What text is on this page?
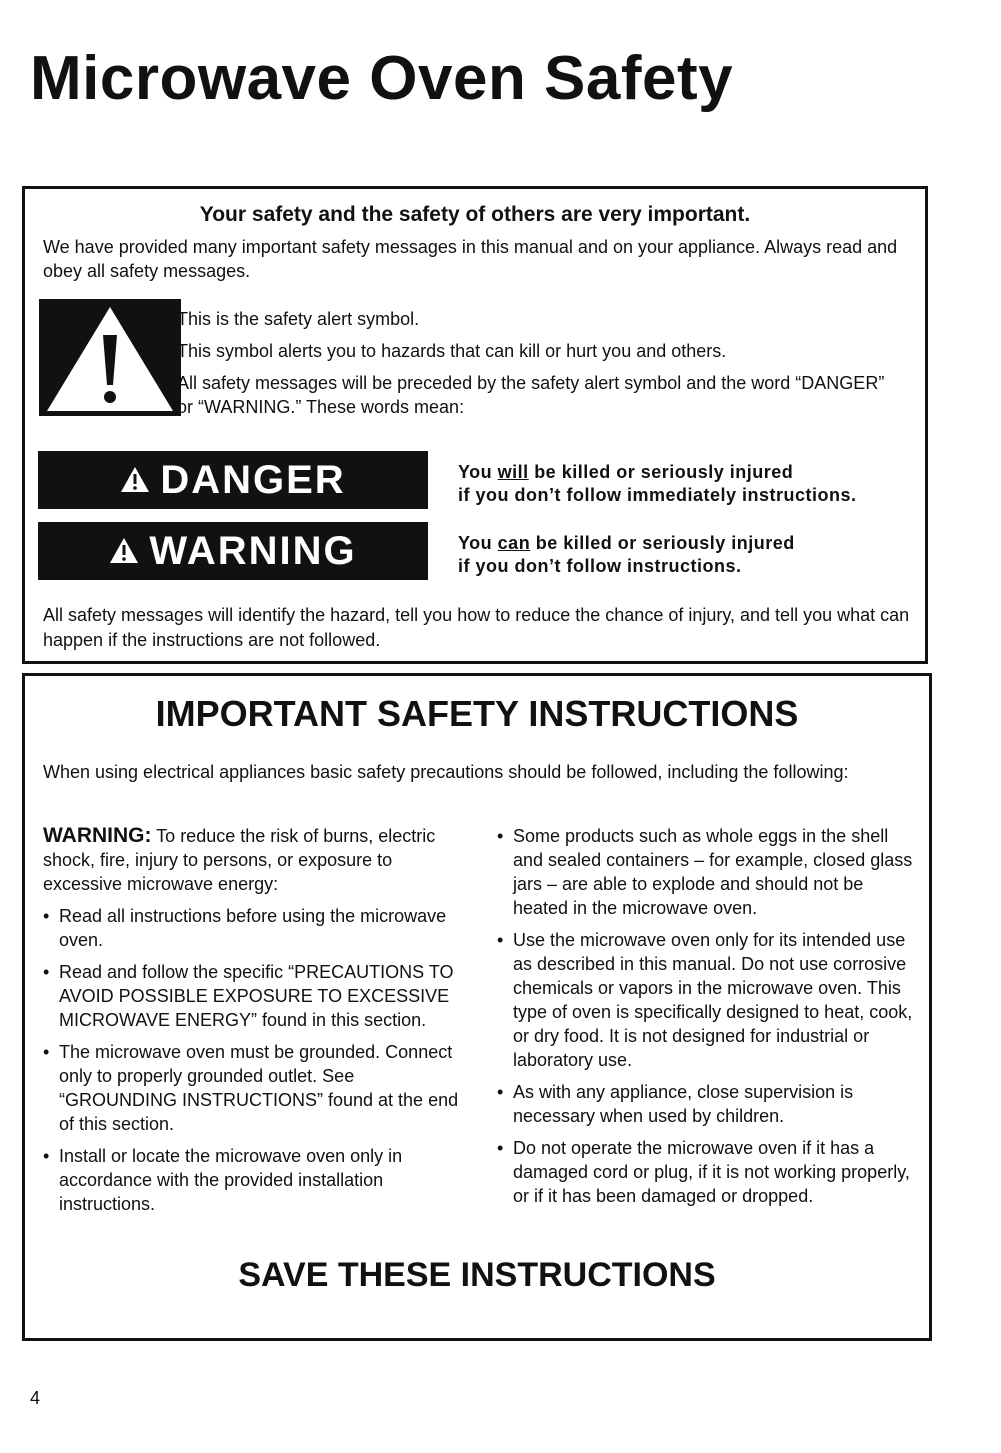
Microwave Oven Safety
Your safety and the safety of others are very important.

We have provided many important safety messages in this manual and on your appliance. Always read and obey all safety messages.

This is the safety alert symbol.

This symbol alerts you to hazards that can kill or hurt you and others.

All safety messages will be preceded by the safety alert symbol and the word “DANGER” or “WARNING.” These words mean:

DANGER	You will be killed or seriously injured
if you don’t follow immediately instructions.
WARNING	You can be killed or seriously injured
if you don’t follow instructions.

All safety messages will identify the hazard, tell you how to reduce the chance of injury, and tell you what can happen if the instructions are not followed.

IMPORTANT SAFETY INSTRUCTIONS

When using electrical appliances basic safety precautions should be followed, including the following:

WARNING: To reduce the risk of burns, electric shock, fire, injury to persons, or exposure to excessive microwave energy:

• Read all instructions before using the microwave oven.

• Read and follow the specific “PRECAUTIONS TO AVOID POSSIBLE EXPOSURE TO EXCESSIVE MICROWAVE ENERGY” found in this section.

• The microwave oven must be grounded. Connect only to properly grounded outlet. See “GROUNDING INSTRUCTIONS” found at the end of this section.

• Install or locate the microwave oven only in accordance with the provided installation instructions.

• Some products such as whole eggs in the shell and sealed containers – for example, closed glass jars – are able to explode and should not be heated in the microwave oven.

• Use the microwave oven only for its intended use as described in this manual. Do not use corrosive chemicals or vapors in the microwave oven. This type of oven is specifically designed to heat, cook, or dry food. It is not designed for industrial or laboratory use.

• As with any appliance, close supervision is necessary when used by children.

• Do not operate the microwave oven if it has a damaged cord or plug, if it is not working properly, or if it has been damaged or dropped.

SAVE THESE INSTRUCTIONS
4
